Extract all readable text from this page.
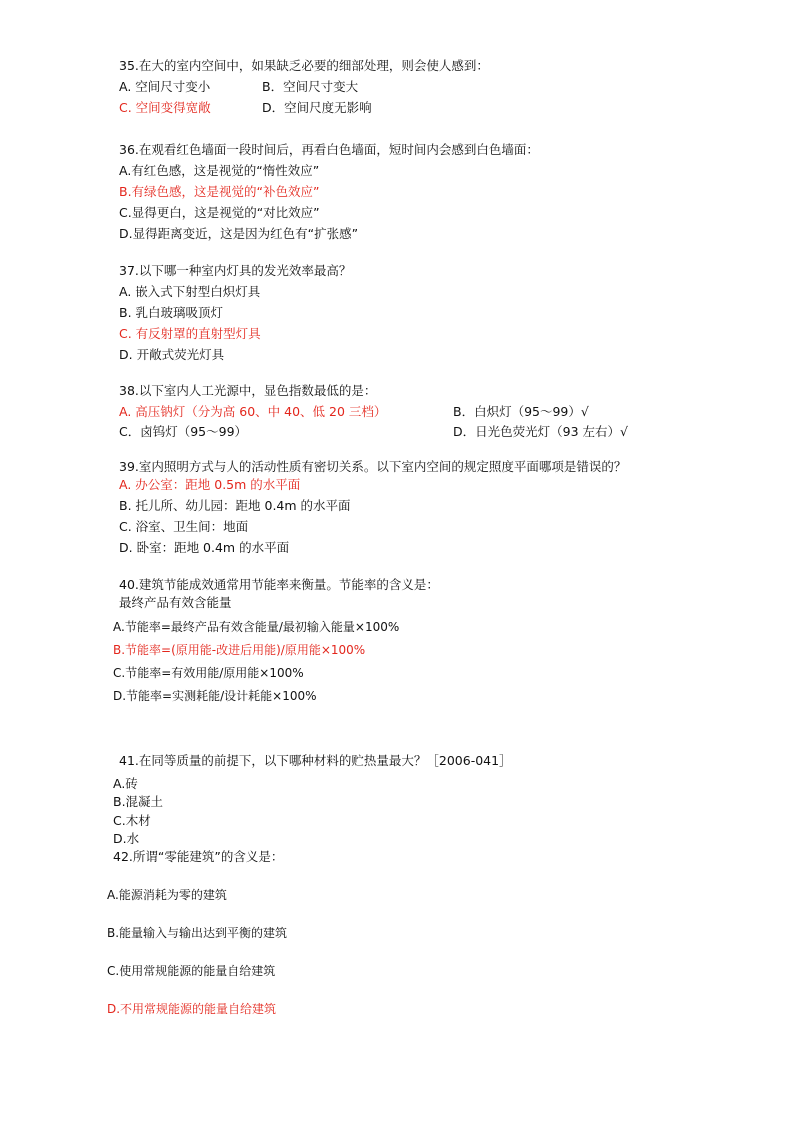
35.在大的室内空间中，如果缺乏必要的细部处理，则会使人感到：
A. 空间尺寸变小	B．空间尺寸变大
C. 空间变得宽敞	D．空间尺度无影响
36.在观看红色墙面一段时间后，再看白色墙面，短时间内会感到白色墙面：
A.有红色感，这是视觉的“惰性效应”
B.有绿色感，这是视觉的“补色效应”
C.显得更白，这是视觉的“对比效应”
D.显得距离变近，这是因为红色有“扩张感”
37.以下哪一种室内灯具的发光效率最高？
A. 嵌入式下射型白炽灯具
B. 乳白玻璃吸顶灯
C. 有反射罩的直射型灯具
D. 开敞式荧光灯具
38.以下室内人工光源中，显色指数最低的是：
A. 高压钠灯（分为高 60、中 40、低 20 三档）	B．白炽灯（95～99）√
C．卤钨灯（95～99）	D．日光色荧光灯（93 左右）√
39.室内照明方式与人的活动性质有密切关系。以下室内空间的规定照度平面哪项是错误的？
A. 办公室：距地 0.5m 的水平面
B. 托儿所、幼儿园：距地 0.4m 的水平面
C. 浴室、卫生间：地面
D. 卧室：距地 0.4m 的水平面
40.建筑节能成效通常用节能率来衡量。节能率的含义是：
最终产品有效含能量
A.节能率=最终产品有效含能量/最初输入能量×100%
B.节能率=(原用能-改进后用能)/原用能×100%
C.节能率=有效用能/原用能×100%
D.节能率=实测耗能/设计耗能×100%
41.在同等质量的前提下，以下哪种材料的贮热量最大？［2006-041］
A.砖
B.混凝土
C.木材
D.水
42.所谓“零能建筑”的含义是：
A.能源消耗为零的建筑
B.能量输入与输出达到平衡的建筑
C.使用常规能源的能量自给建筑
D.不用常规能源的能量自给建筑
